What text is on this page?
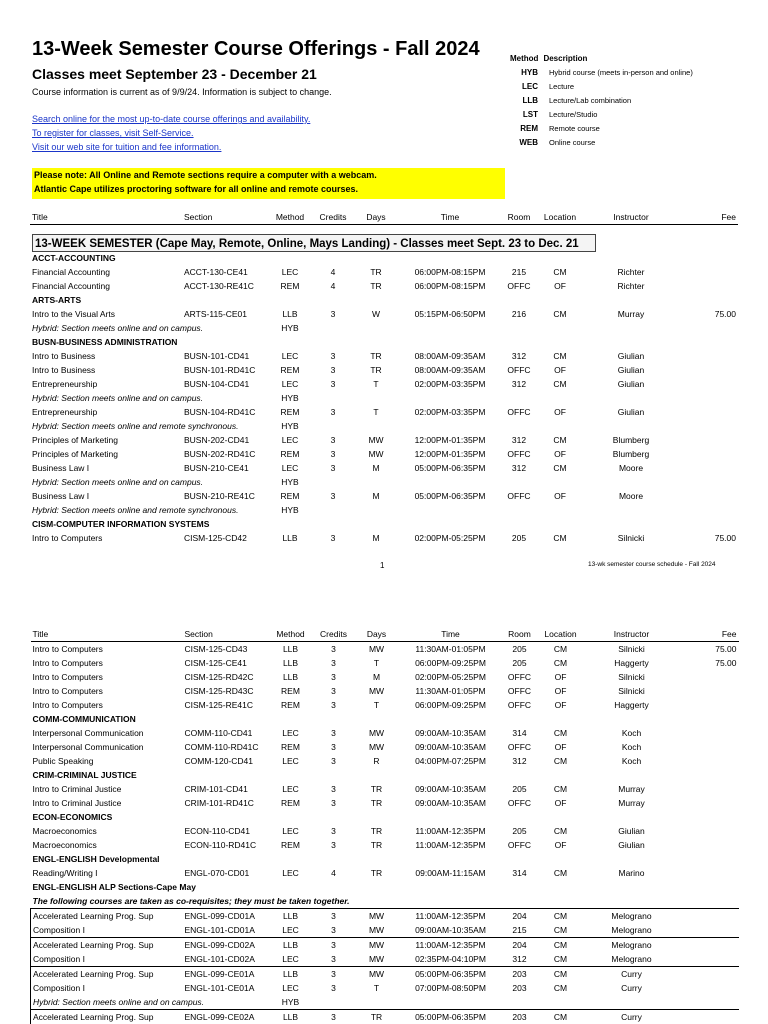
13-Week Semester Course Offerings - Fall 2024
Classes meet September 23 - December 21
Course information is current as of 9/9/24. Information is subject to change.
Search online for the most up-to-date course offerings and availability.
To register for classes, visit Self-Service.
Visit our web site for tuition and fee information.
Please note: All Online and Remote sections require a computer with a webcam.
Atlantic Cape utilizes proctoring software for all online and remote courses.
Method Description
HYB	Hybrid course (meets in-person and online)
LEC	Lecture
LLB	Lecture/Lab combination
LST	Lecture/Studio
REM	Remote course
WEB	Online course
Title	Section	Method	Credits	Days	Time	Room	Location	Instructor	Fee

ACCT-ACCOUNTING									
Financial Accounting	ACCT-130-CE41	LEC	4	TR	06:00PM-08:15PM	215	CM	Richter	
Financial Accounting	ACCT-130-RE41C	REM	4	TR	06:00PM-08:15PM	OFFC	OF	Richter	
ARTS-ARTS									
Intro to the Visual Arts	ARTS-115-CE01	LLB	3	W	05:15PM-06:50PM	216	CM	Murray	75.00
Hybrid: Section meets online and on campus.		HYB							
BUSN-BUSINESS ADMINISTRATION									
Intro to Business	BUSN-101-CD41	LEC	3	TR	08:00AM-09:35AM	312	CM	Giulian	
Intro to Business	BUSN-101-RD41C	REM	3	TR	08:00AM-09:35AM	OFFC	OF	Giulian	
Entrepreneurship	BUSN-104-CD41	LEC	3	T	02:00PM-03:35PM	312	CM	Giulian	
Hybrid: Section meets online and on campus.		HYB							
Entrepreneurship	BUSN-104-RD41C	REM	3	T	02:00PM-03:35PM	OFFC	OF	Giulian	
Hybrid: Section meets online and remote synchronous.		HYB							
Principles of Marketing	BUSN-202-CD41	LEC	3	MW	12:00PM-01:35PM	312	CM	Blumberg	
Principles of Marketing	BUSN-202-RD41C	REM	3	MW	12:00PM-01:35PM	OFFC	OF	Blumberg	
Business Law I	BUSN-210-CE41	LEC	3	M	05:00PM-06:35PM	312	CM	Moore	
Hybrid: Section meets online and on campus.		HYB							
Business Law I	BUSN-210-RE41C	REM	3	M	05:00PM-06:35PM	OFFC	OF	Moore	
Hybrid: Section meets online and remote synchronous.		HYB							
CISM-COMPUTER INFORMATION SYSTEMS									
Intro to Computers	CISM-125-CD42	LLB	3	M	02:00PM-05:25PM	205	CM	Silnicki	75.00
13-WEEK SEMESTER (Cape May, Remote, Online, Mays Landing) - Classes meet Sept. 23 to Dec. 21
1	13-wk semester course schedule - Fall 2024
Title	Section	Method	Credits	Days	Time	Room	Location	Instructor	Fee
Intro to Computers	CISM-125-CD43	LLB	3	MW	11:30AM-01:05PM	205	CM	Silnicki	75.00
Intro to Computers	CISM-125-CE41	LLB	3	T	06:00PM-09:25PM	205	CM	Haggerty	75.00
Intro to Computers	CISM-125-RD42C	LLB	3	M	02:00PM-05:25PM	OFFC	OF	Silnicki	
Intro to Computers	CISM-125-RD43C	REM	3	MW	11:30AM-01:05PM	OFFC	OF	Silnicki	
Intro to Computers	CISM-125-RE41C	REM	3	T	06:00PM-09:25PM	OFFC	OF	Haggerty	
COMM-COMMUNICATION									
Interpersonal Communication	COMM-110-CD41	LEC	3	MW	09:00AM-10:35AM	314	CM	Koch	
Interpersonal Communication	COMM-110-RD41C	REM	3	MW	09:00AM-10:35AM	OFFC	OF	Koch	
Public Speaking	COMM-120-CD41	LEC	3	R	04:00PM-07:25PM	312	CM	Koch	
CRIM-CRIMINAL JUSTICE									
Intro to Criminal Justice	CRIM-101-CD41	LEC	3	TR	09:00AM-10:35AM	205	CM	Murray	
Intro to Criminal Justice	CRIM-101-RD41C	REM	3	TR	09:00AM-10:35AM	OFFC	OF	Murray	
ECON-ECONOMICS									
Macroeconomics	ECON-110-CD41	LEC	3	TR	11:00AM-12:35PM	205	CM	Giulian	
Macroeconomics	ECON-110-RD41C	REM	3	TR	11:00AM-12:35PM	OFFC	OF	Giulian	
ENGL-ENGLISH Developmental									
Reading/Writing I	ENGL-070-CD01	LEC	4	TR	09:00AM-11:15AM	314	CM	Marino	
ENGL-ENGLISH ALP Sections-Cape May									
The following courses are taken as co-requisites; they must be taken together.									
Accelerated Learning Prog. Sup	ENGL-099-CD01A	LLB	3	MW	11:00AM-12:35PM	204	CM	Melograno	
Composition I	ENGL-101-CD01A	LEC	3	MW	09:00AM-10:35AM	215	CM	Melograno	
Accelerated Learning Prog. Sup	ENGL-099-CD02A	LLB	3	MW	11:00AM-12:35PM	204	CM	Melograno	
Composition I	ENGL-101-CD02A	LEC	3	MW	02:35PM-04:10PM	312	CM	Melograno	
Accelerated Learning Prog. Sup	ENGL-099-CE01A	LLB	3	MW	05:00PM-06:35PM	203	CM	Curry	
Composition I	ENGL-101-CE01A	LEC	3	T	07:00PM-08:50PM	203	CM	Curry	
Hybrid: Section meets online and on campus.		HYB							
Accelerated Learning Prog. Sup	ENGL-099-CE02A	LLB	3	TR	05:00PM-06:35PM	203	CM	Curry	
